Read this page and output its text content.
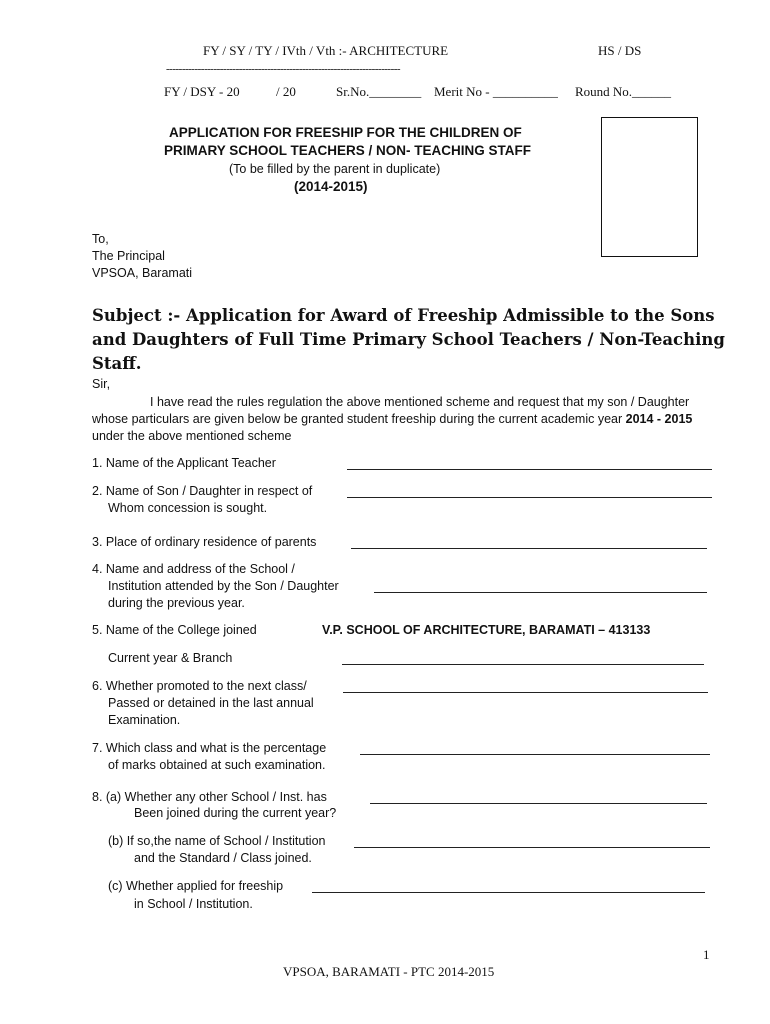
FY / SY / TY / IVth / Vth :- ARCHITECTURE	HS / DS
--------------------------------------------------------------------------
FY / DSY - 20	/ 20	Sr.No.________ Merit No - __________ Round No.______
APPLICATION FOR FREESHIP FOR THE CHILDREN OF
PRIMARY SCHOOL TEACHERS / NON- TEACHING STAFF
(To be filled by the parent in duplicate)
(2014-2015)
To,
The Principal
VPSOA, Baramati
Subject :- Application for Award of Freeship Admissible to the Sons and Daughters of Full Time Primary School Teachers / Non-Teaching Staff.
Sir,
I have read the rules regulation the above mentioned scheme and request that my son / Daughter whose particulars are given below be granted student freeship during the current academic year 2014 - 2015 under the above mentioned scheme
1. Name of the Applicant Teacher
2. Name of Son / Daughter in respect of
Whom concession is sought.
3. Place of ordinary residence of parents
4. Name and address of the School /
Institution attended by the Son / Daughter
during the previous year.
5. Name of the College joined	V.P. SCHOOL OF ARCHITECTURE, BARAMATI – 413133
Current year & Branch
6. Whether promoted to the next class/
Passed or detained in the last annual
Examination.
7. Which class and what is the percentage
of marks obtained at such examination.
8. (a) Whether any other School / Inst. has
Been joined during the current year?
(b) If so,the name of School / Institution
and the Standard / Class joined.
(c) Whether applied for freeship
in School / Institution.
1
VPSOA, BARAMATI - PTC 2014-2015
